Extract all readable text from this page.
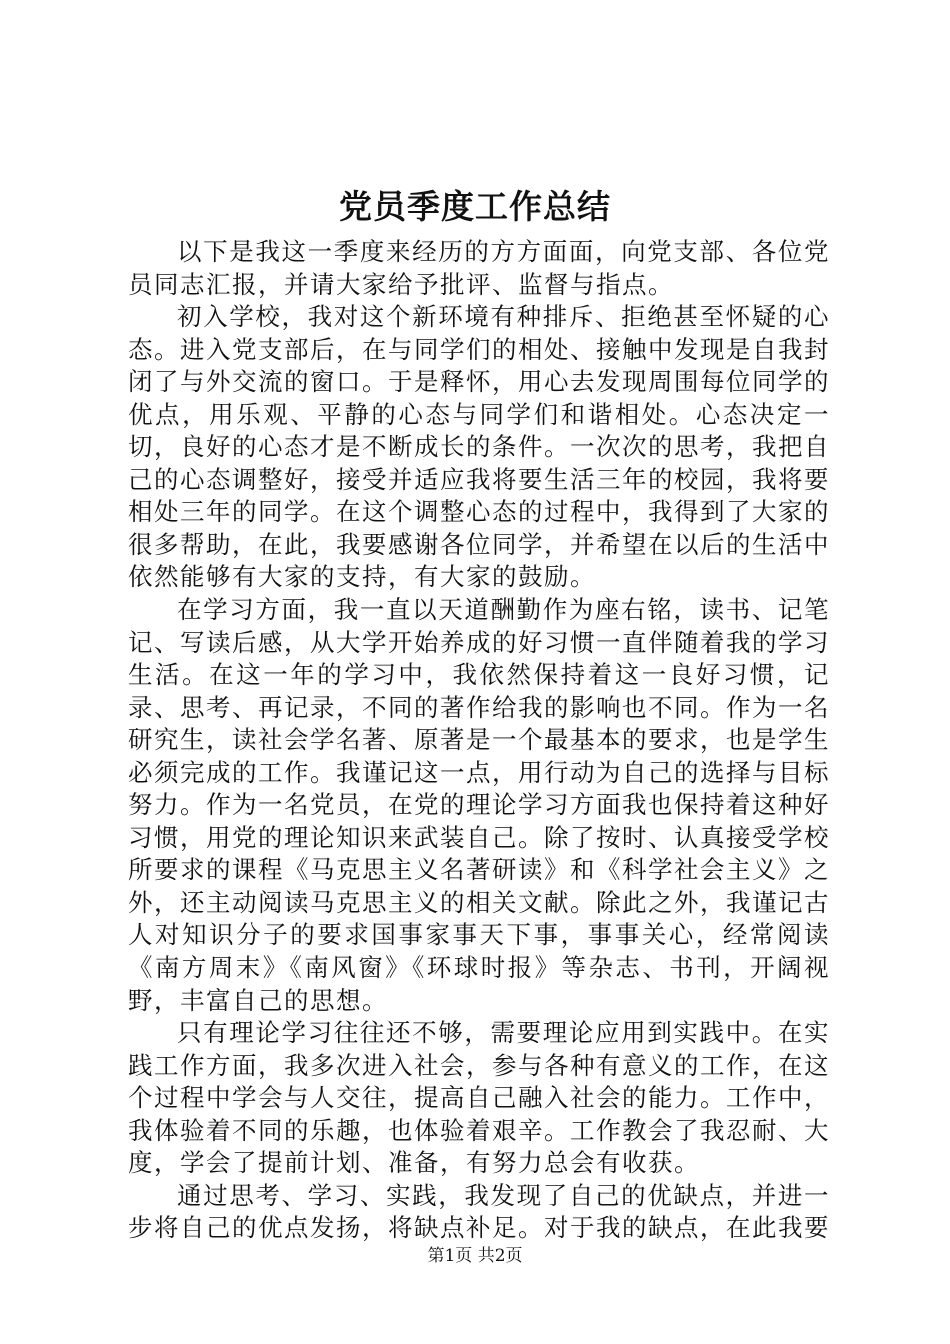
党员季度工作总结

以下是我这一季度来经历的方方面面，向党支部、各位党员同志汇报，并请大家给予批评、监督与指点。

初入学校，我对这个新环境有种排斥、拒绝甚至怀疑的心态。进入党支部后，在与同学们的相处、接触中发现是自我封闭了与外交流的窗口。于是释怀，用心去发现周围每位同学的优点，用乐观、平静的心态与同学们和谐相处。心态决定一切，良好的心态才是不断成长的条件。一次次的思考，我把自己的心态调整好，接受并适应我将要生活三年的校园，我将要相处三年的同学。在这个调整心态的过程中，我得到了大家的很多帮助，在此，我要感谢各位同学，并希望在以后的生活中依然能够有大家的支持，有大家的鼓励。

在学习方面，我一直以天道酬勤作为座右铭，读书、记笔记、写读后感，从大学开始养成的好习惯一直伴随着我的学习生活。在这一年的学习中，我依然保持着这一良好习惯，记录、思考、再记录，不同的著作给我的影响也不同。作为一名研究生，读社会学名著、原著是一个最基本的要求，也是学生必须完成的工作。我谨记这一点，用行动为自己的选择与目标努力。作为一名党员，在党的理论学习方面我也保持着这种好习惯，用党的理论知识来武装自己。除了按时、认真接受学校所要求的课程《马克思主义名著研读》和《科学社会主义》之外，还主动阅读马克思主义的相关文献。除此之外，我谨记古人对知识分子的要求国事家事天下事，事事关心，经常阅读《南方周末》《南风窗》《环球时报》等杂志、书刊，开阔视野，丰富自己的思想。

只有理论学习往往还不够，需要理论应用到实践中。在实践工作方面，我多次进入社会，参与各种有意义的工作，在这个过程中学会与人交往，提高自己融入社会的能力。工作中，我体验着不同的乐趣，也体验着艰辛。工作教会了我忍耐、大度，学会了提前计划、准备，有努力总会有收获。

通过思考、学习、实践，我发现了自己的优缺点，并进一步将自己的优点发扬，将缺点补足。对于我的缺点，在此我要

第1页 共2页
